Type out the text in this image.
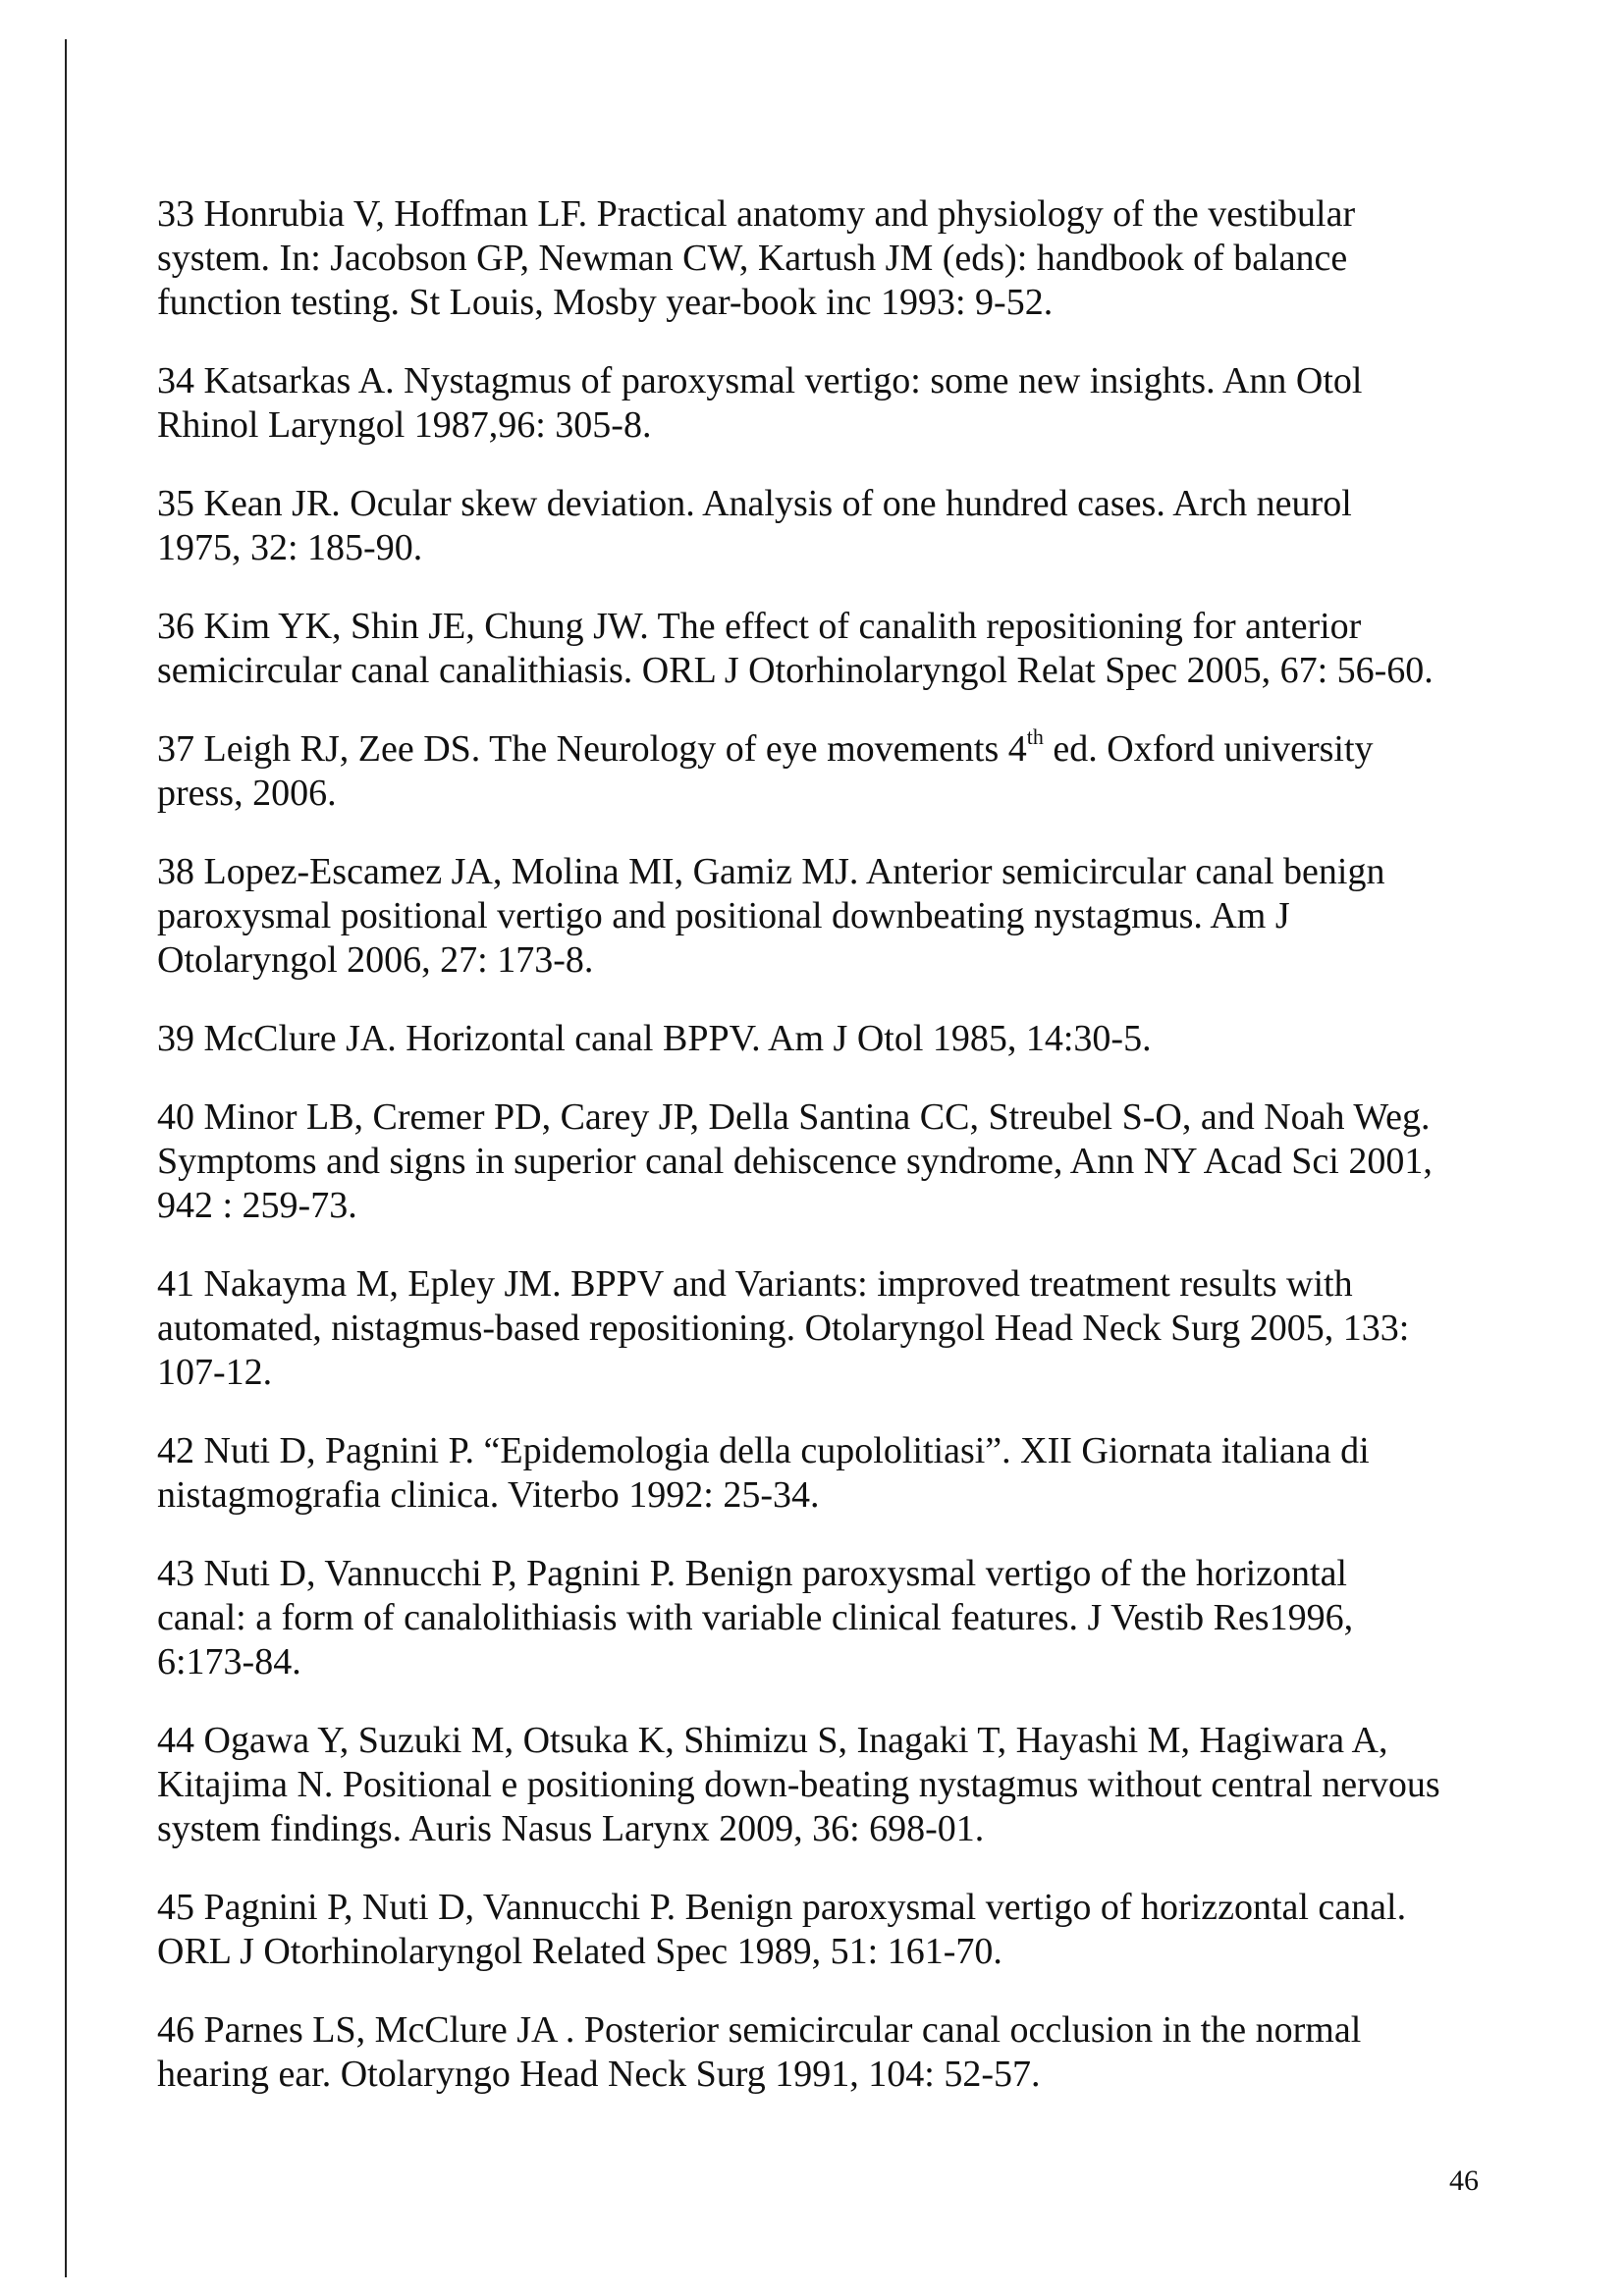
33 Honrubia V, Hoffman LF. Practical anatomy and physiology of the vestibular
system. In: Jacobson GP, Newman CW, Kartush JM (eds): handbook of balance
function testing. St Louis, Mosby year-book inc 1993: 9-52.
34 Katsarkas A. Nystagmus of paroxysmal vertigo: some new insights. Ann Otol
Rhinol Laryngol 1987,96: 305-8.
35 Kean JR. Ocular skew deviation. Analysis of one hundred cases. Arch neurol
1975, 32: 185-90.
36 Kim YK, Shin JE, Chung JW. The effect of canalith repositioning for anterior
semicircular canal canalithiasis. ORL J Otorhinolaryngol Relat Spec 2005, 67: 56-60.
37 Leigh RJ, Zee DS. The Neurology of eye movements 4th ed. Oxford university
press, 2006.
38 Lopez-Escamez JA, Molina MI, Gamiz MJ. Anterior semicircular canal benign
paroxysmal positional vertigo and positional downbeating nystagmus. Am J
Otolaryngol 2006, 27: 173-8.
39 McClure JA. Horizontal canal BPPV. Am J Otol 1985, 14:30-5.
40 Minor LB, Cremer PD, Carey JP, Della Santina CC, Streubel S-O, and Noah Weg.
Symptoms and signs in superior canal dehiscence syndrome, Ann NY Acad Sci 2001,
942 : 259-73.
41 Nakayma M, Epley JM. BPPV and Variants: improved treatment results with
automated, nistagmus-based repositioning. Otolaryngol Head Neck Surg 2005, 133:
107-12.
42 Nuti D, Pagnini P. “Epidemologia della cupololitiasi”. XII Giornata italiana di
nistagmografia clinica. Viterbo 1992: 25-34.
43 Nuti D, Vannucchi P, Pagnini P. Benign paroxysmal vertigo of the horizontal
canal: a form of canalolithiasis with variable clinical features. J Vestib Res1996,
6:173-84.
44 Ogawa Y, Suzuki M, Otsuka K, Shimizu S, Inagaki T, Hayashi M, Hagiwara A,
Kitajima N. Positional e positioning down-beating nystagmus without central nervous
system findings. Auris Nasus Larynx 2009, 36: 698-01.
45 Pagnini P, Nuti D, Vannucchi P. Benign paroxysmal vertigo of horizzontal canal.
ORL J Otorhinolaryngol Related Spec 1989, 51: 161-70.
46 Parnes LS, McClure JA . Posterior semicircular canal occlusion in the normal
hearing ear. Otolaryngo Head Neck Surg 1991, 104: 52-57.
46
